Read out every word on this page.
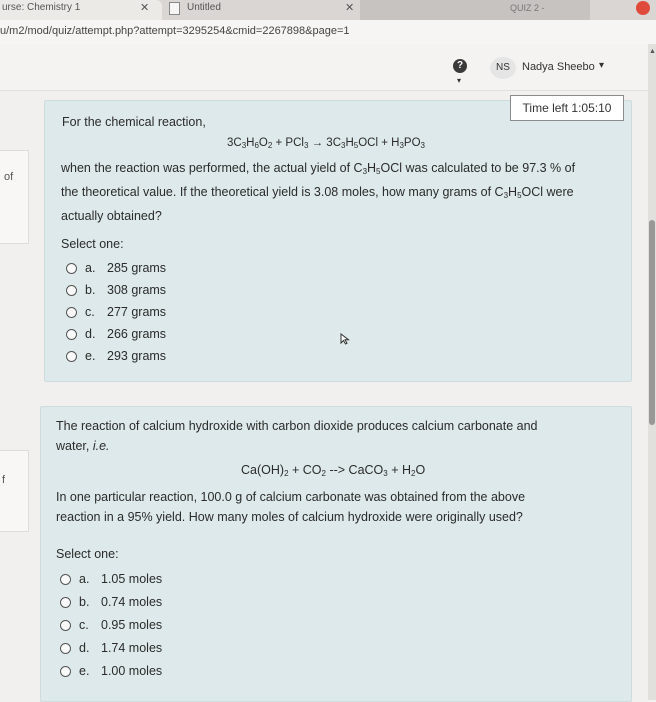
urse: Chemistry 1	✕	Untitled	✕	QUIZ 2 -
u/m2/mod/quiz/attempt.php?attempt=3295254&cmid=2267898&page=1
?
▾
NS	Nadya Sheebo ▾
▲
of
f
Time left 1:05:10
For the chemical reaction,
$3C_3H_6O_2 + PCl_3 \to 3C_3H_5OCl + H_3PO_3$
when the reaction was performed, the actual yield of $C_3H_5OCl$ was calculated to be 97.3 % of
the theoretical value. If the theoretical yield is 3.08 moles, how many grams of $C_3H_5OCl$ were
actually obtained?
Select one:
a. 285 grams
b. 308 grams
c. 277 grams
d. 266 grams
e. 293 grams
The reaction of calcium hydroxide with carbon dioxide produces calcium carbonate and
water, i.e.
$Ca(OH)_2 + CO_2$ --> CaCO$_3$ + $H_2O$
In one particular reaction, 100.0 g of calcium carbonate was obtained from the above
reaction in a 95% yield. How many moles of calcium hydroxide were originally used?
Select one:
a. 1.05 moles
b. 0.74 moles
c. 0.95 moles
d. 1.74 moles
e. 1.00 moles
